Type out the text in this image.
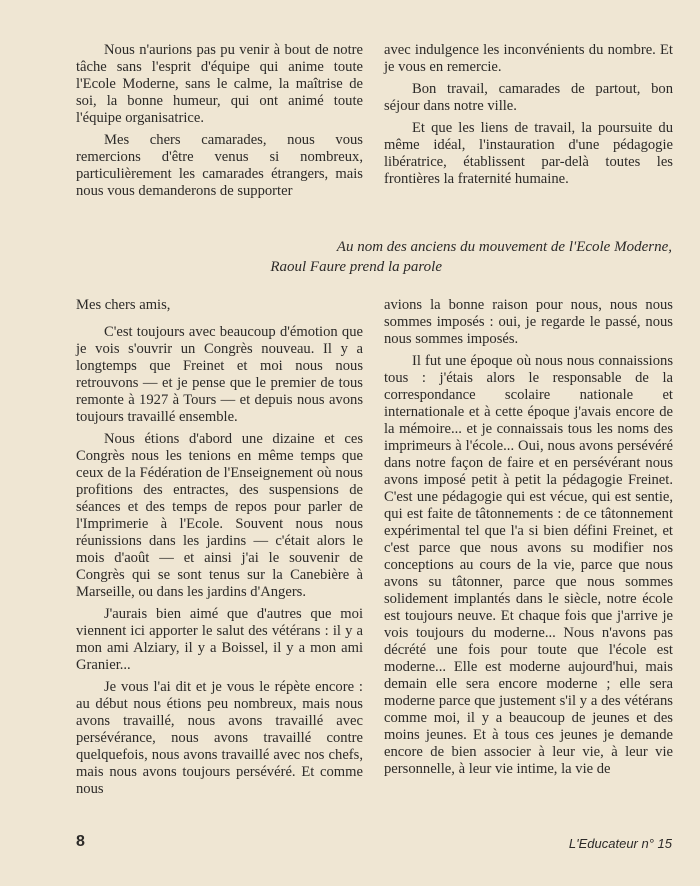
Nous n'aurions pas pu venir à bout de notre tâche sans l'esprit d'équipe qui anime toute l'Ecole Moderne, sans le calme, la maîtrise de soi, la bonne humeur, qui ont animé toute l'équipe organisatrice.

Mes chers camarades, nous vous remercions d'être venus si nombreux, particulièrement les camarades étrangers, mais nous vous demanderons de supporter

avec indulgence les inconvénients du nombre. Et je vous en remercie.

Bon travail, camarades de partout, bon séjour dans notre ville.

Et que les liens de travail, la poursuite du même idéal, l'instauration d'une pédagogie libératrice, établissent par-delà toutes les frontières la fraternité humaine.

Au nom des anciens du mouvement de l'Ecole Moderne,
Raoul Faure prend la parole

Mes chers amis,

C'est toujours avec beaucoup d'émotion que je vois s'ouvrir un Congrès nouveau. Il y a longtemps que Freinet et moi nous nous retrouvons — et je pense que le premier de tous remonte à 1927 à Tours — et depuis nous avons toujours travaillé ensemble.

Nous étions d'abord une dizaine et ces Congrès nous les tenions en même temps que ceux de la Fédération de l'Enseignement où nous profitions des entractes, des suspensions de séances et des temps de repos pour parler de l'Imprimerie à l'Ecole. Souvent nous nous réunissions dans les jardins — c'était alors le mois d'août — et ainsi j'ai le souvenir de Congrès qui se sont tenus sur la Canebière à Marseille, ou dans les jardins d'Angers.

J'aurais bien aimé que d'autres que moi viennent ici apporter le salut des vétérans : il y a mon ami Alziary, il y a Boissel, il y a mon ami Granier...

Je vous l'ai dit et je vous le répète encore : au début nous étions peu nombreux, mais nous avons travaillé, nous avons travaillé avec persévérance, nous avons travaillé contre quelquefois, nous avons travaillé avec nos chefs, mais nous avons toujours persévéré. Et comme nous

avions la bonne raison pour nous, nous nous sommes imposés : oui, je regarde le passé, nous nous sommes imposés.

Il fut une époque où nous nous connaissions tous : j'étais alors le responsable de la correspondance scolaire nationale et internationale et à cette époque j'avais encore de la mémoire... et je connaissais tous les noms des imprimeurs à l'école... Oui, nous avons persévéré dans notre façon de faire et en persévérant nous avons imposé petit à petit la pédagogie Freinet. C'est une pédagogie qui est vécue, qui est sentie, qui est faite de tâtonnements : de ce tâtonnement expérimental tel que l'a si bien défini Freinet, et c'est parce que nous avons su modifier nos conceptions au cours de la vie, parce que nous avons su tâtonner, parce que nous sommes solidement implantés dans le siècle, notre école est toujours neuve. Et chaque fois que j'arrive je vois toujours du moderne... Nous n'avons pas décrété une fois pour toute que l'école est moderne... Elle est moderne aujourd'hui, mais demain elle sera encore moderne ; elle sera moderne parce que justement s'il y a des vétérans comme moi, il y a beaucoup de jeunes et des moins jeunes. Et à tous ces jeunes je demande encore de bien associer à leur vie, à leur vie personnelle, à leur vie intime, la vie de

8	L'Educateur n° 15
